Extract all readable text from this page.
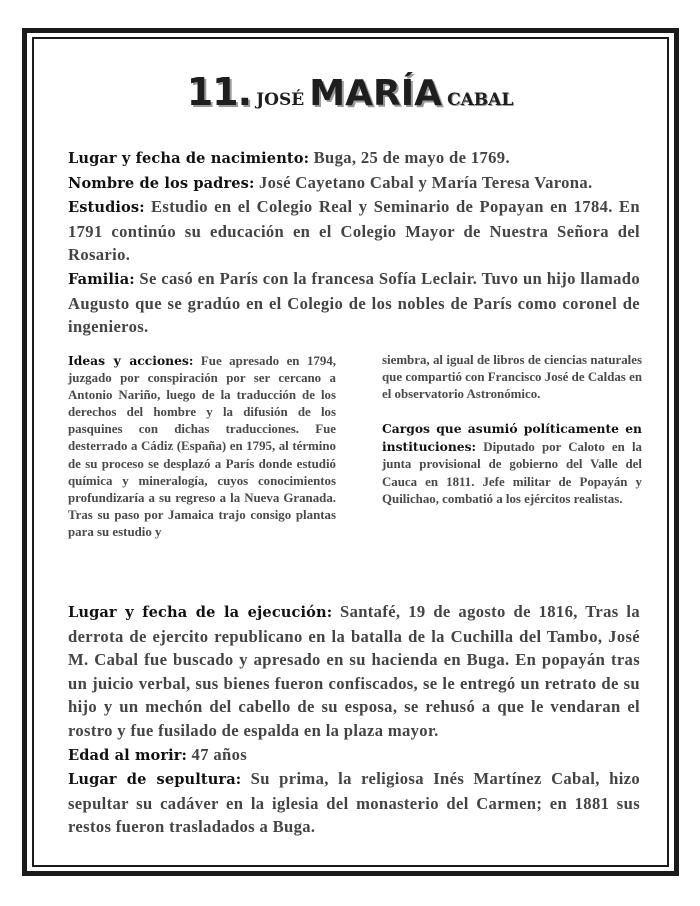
11. JOSÉ MARÍA CABAL

Lugar y fecha de nacimiento: Buga, 25 de mayo de 1769.

Nombre de los padres: José Cayetano Cabal y María Teresa Varona.

Estudios: Estudio en el Colegio Real y Seminario de Popayan en 1784. En 1791 continúo su educación en el Colegio Mayor de Nuestra Señora del Rosario.

Familia: Se casó en París con la francesa Sofía Leclair. Tuvo un hijo llamado Augusto que se gradúo en el Colegio de los nobles de París como coronel de ingenieros.

Ideas y acciones: Fue apresado en 1794, juzgado por conspiración por ser cercano a Antonio Nariño, luego de la traducción de los derechos del hombre y la difusión de los pasquines con dichas traducciones. Fue desterrado a Cádiz (España) en 1795, al término de su proceso se desplazó a París donde estudió química y mineralogía, cuyos conocimientos profundizaría a su regreso a la Nueva Granada. Tras su paso por Jamaica trajo consigo plantas para su estudio y

siembra, al igual de libros de ciencias naturales que compartió con Francisco José de Caldas en el observatorio Astronómico.

Cargos que asumió políticamente en instituciones: Diputado por Caloto en la junta provisional de gobierno del Valle del Cauca en 1811. Jefe militar de Popayán y Quilichao, combatió a los ejércitos realistas.

Lugar y fecha de la ejecución: Santafé, 19 de agosto de 1816, Tras la derrota de ejercito republicano en la batalla de la Cuchilla del Tambo, José M. Cabal fue buscado y apresado en su hacienda en Buga. En popayán tras un juicio verbal, sus bienes fueron confiscados, se le entregó un retrato de su hijo y un mechón del cabello de su esposa, se rehusó a que le vendaran el rostro y fue fusilado de espalda en la plaza mayor.

Edad al morir: 47 años

Lugar de sepultura: Su prima, la religiosa Inés Martínez Cabal, hizo sepultar su cadáver en la iglesia del monasterio del Carmen; en 1881 sus restos fueron trasladados a Buga.
